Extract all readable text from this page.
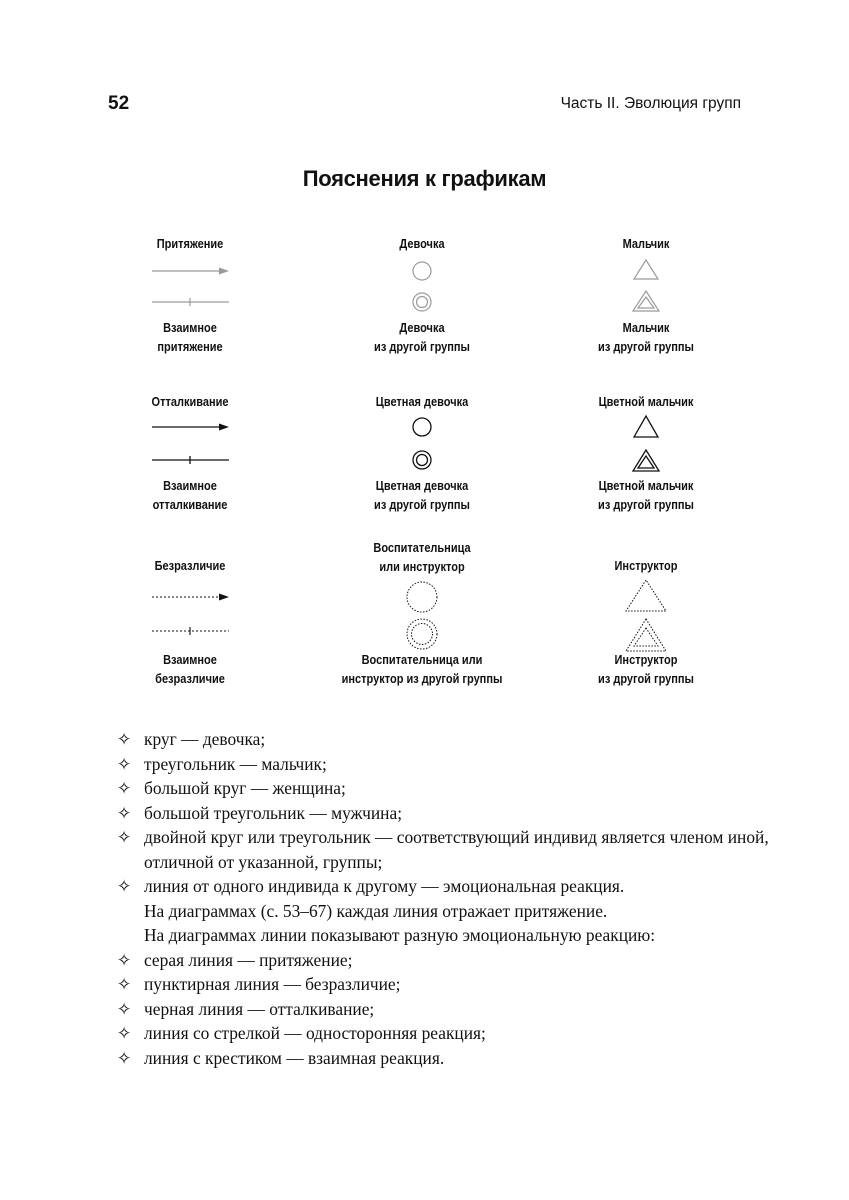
52	Часть II. Эволюция групп
Пояснения к графикам
Притяжение
Взаимное
притяжение
Отталкивание
Взаимное
отталкивание
Безразличие
Взаимное
безразличие
Девочка
Девочка
из другой группы
Цветная девочка
Цветная девочка
из другой группы
Воспитательница
или инструктор
Воспитательница или
инструктор из другой группы
Мальчик
Мальчик
из другой группы
Цветной мальчик
Цветной мальчик
из другой группы
Инструктор
Инструктор
из другой группы
✧ круг — девочка;
✧ треугольник — мальчик;
✧ большой круг — женщина;
✧ большой треугольник — мужчина;
✧ двойной круг или треугольник — соответствующий индивид является членом иной, отличной от указанной, группы;
✧ линия от одного индивида к другому — эмоциональная реакция.
На диаграммах (с. 53–67) каждая линия отражает притяжение.
На диаграммах линии показывают разную эмоциональную реакцию:
✧ серая линия — притяжение;
✧ пунктирная линия — безразличие;
✧ черная линия — отталкивание;
✧ линия со стрелкой — односторонняя реакция;
✧ линия с крестиком — взаимная реакция.
